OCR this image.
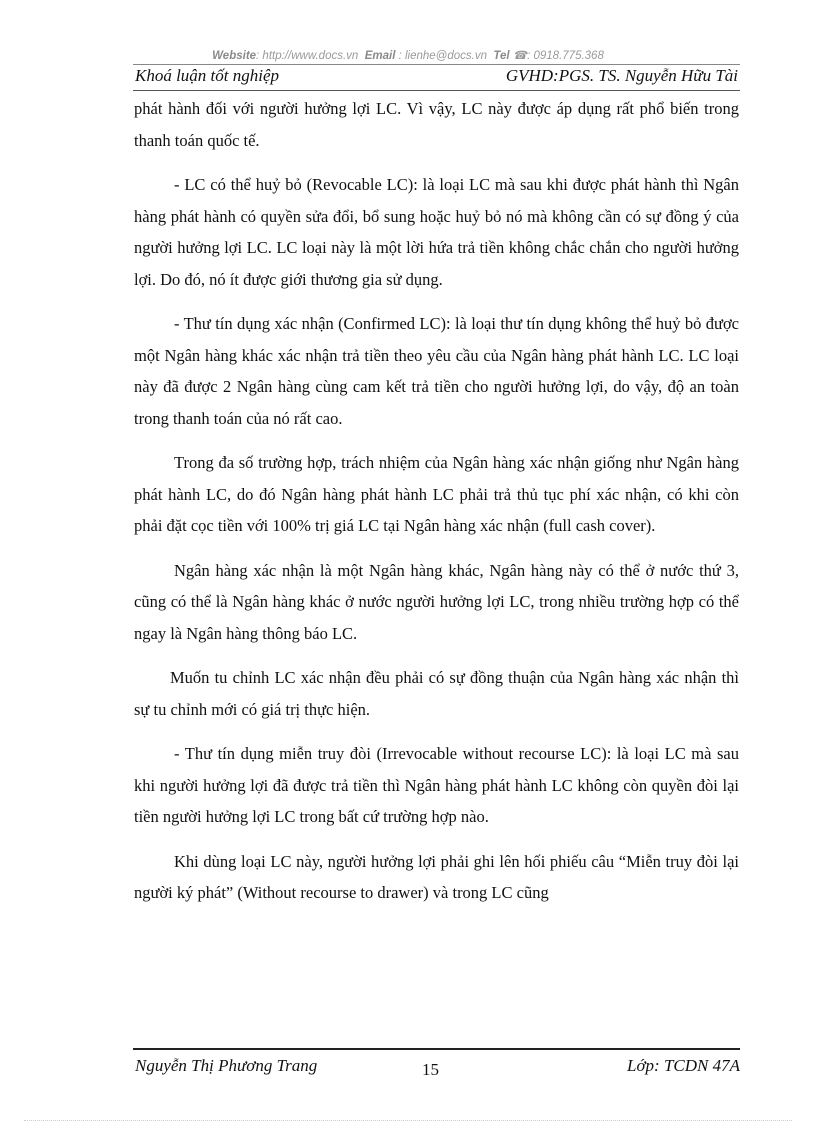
Website: http://www.docs.vn Email : lienhe@docs.vn Tel ☎: 0918.775.368
Khoá luận tốt nghiệp	GVHD:PGS. TS. Nguyễn Hữu Tài

phát hành đối với người hưởng lợi LC. Vì vậy, LC này được áp dụng rất phổ biến trong thanh toán quốc tế.

- LC có thể huỷ bỏ (Revocable LC): là loại LC mà sau khi được phát hành thì Ngân hàng phát hành có quyền sửa đổi, bổ sung hoặc huỷ bỏ nó mà không cần có sự đồng ý của người hưởng lợi LC. LC loại này là một lời hứa trả tiền không chắc chắn cho người hưởng lợi. Do đó, nó ít được giới thương gia sử dụng.

- Thư tín dụng xác nhận (Confirmed LC): là loại thư tín dụng không thể huỷ bỏ được một Ngân hàng khác xác nhận trả tiền theo yêu cầu của Ngân hàng phát hành LC. LC loại này đã được 2 Ngân hàng cùng cam kết trả tiền cho người hưởng lợi, do vậy, độ an toàn trong thanh toán của nó rất cao.

Trong đa số trường hợp, trách nhiệm của Ngân hàng xác nhận giống như Ngân hàng phát hành LC, do đó Ngân hàng phát hành LC phải trả thủ tục phí xác nhận, có khi còn phải đặt cọc tiền với 100% trị giá LC tại Ngân hàng xác nhận (full cash cover).

Ngân hàng xác nhận là một Ngân hàng khác, Ngân hàng này có thể ở nước thứ 3, cũng có thể là Ngân hàng khác ở nước người hưởng lợi LC, trong nhiều trường hợp có thể ngay là Ngân hàng thông báo LC.

Muốn tu chỉnh LC xác nhận đều phải có sự đồng thuận của Ngân hàng xác nhận thì sự tu chỉnh mới có giá trị thực hiện.

- Thư tín dụng miễn truy đòi (Irrevocable without recourse LC): là loại LC mà sau khi người hưởng lợi đã được trả tiền thì Ngân hàng phát hành LC không còn quyền đòi lại tiền người hưởng lợi LC trong bất cứ trường hợp nào.

Khi dùng loại LC này, người hưởng lợi phải ghi lên hối phiếu câu “Miễn truy đòi lại người ký phát” (Without recourse to drawer) và trong LC cũng

Nguyễn Thị Phương Trang	15	Lớp: TCDN 47A
